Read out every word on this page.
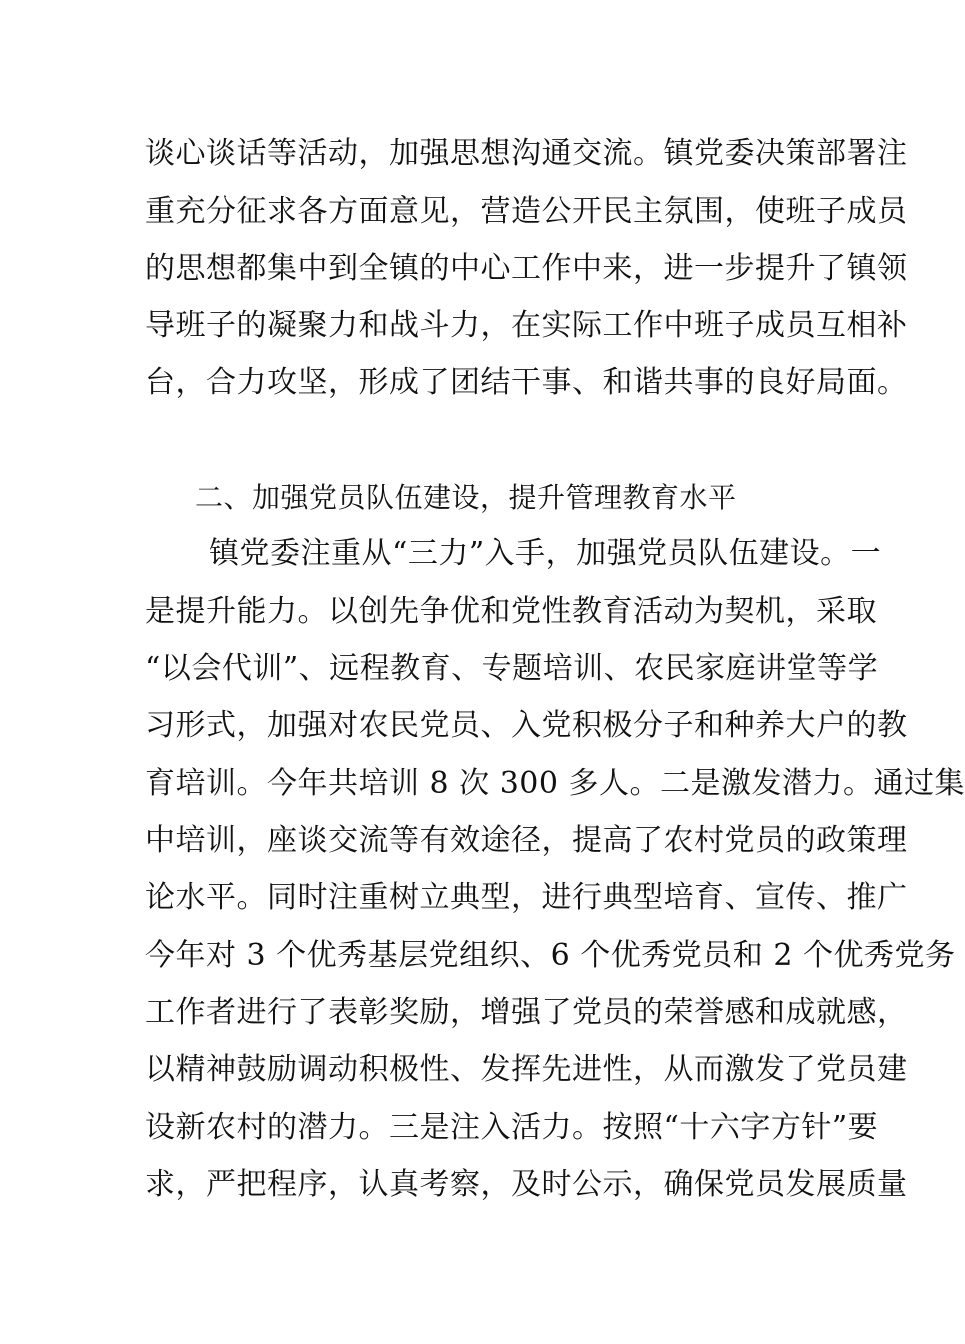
谈心谈话等活动，加强思想沟通交流。镇党委决策部署注
重充分征求各方面意见，营造公开民主氛围，使班子成员
的思想都集中到全镇的中心工作中来，进一步提升了镇领
导班子的凝聚力和战斗力，在实际工作中班子成员互相补
台，合力攻坚，形成了团结干事、和谐共事的良好局面。
二、加强党员队伍建设，提升管理教育水平
镇党委注重从“三力”入手，加强党员队伍建设。一
是提升能力。以创先争优和党性教育活动为契机，采取
“以会代训”、远程教育、专题培训、农民家庭讲堂等学
习形式，加强对农民党员、入党积极分子和种养大户的教
育培训。今年共培训 8 次 300 多人。二是激发潜力。通过集
中培训，座谈交流等有效途径，提高了农村党员的政策理
论水平。同时注重树立典型，进行典型培育、宣传、推广
今年对 3 个优秀基层党组织、6 个优秀党员和 2 个优秀党务
工作者进行了表彰奖励，增强了党员的荣誉感和成就感，
以精神鼓励调动积极性、发挥先进性，从而激发了党员建
设新农村的潜力。三是注入活力。按照“十六字方针”要
求，严把程序，认真考察，及时公示，确保党员发展质量
